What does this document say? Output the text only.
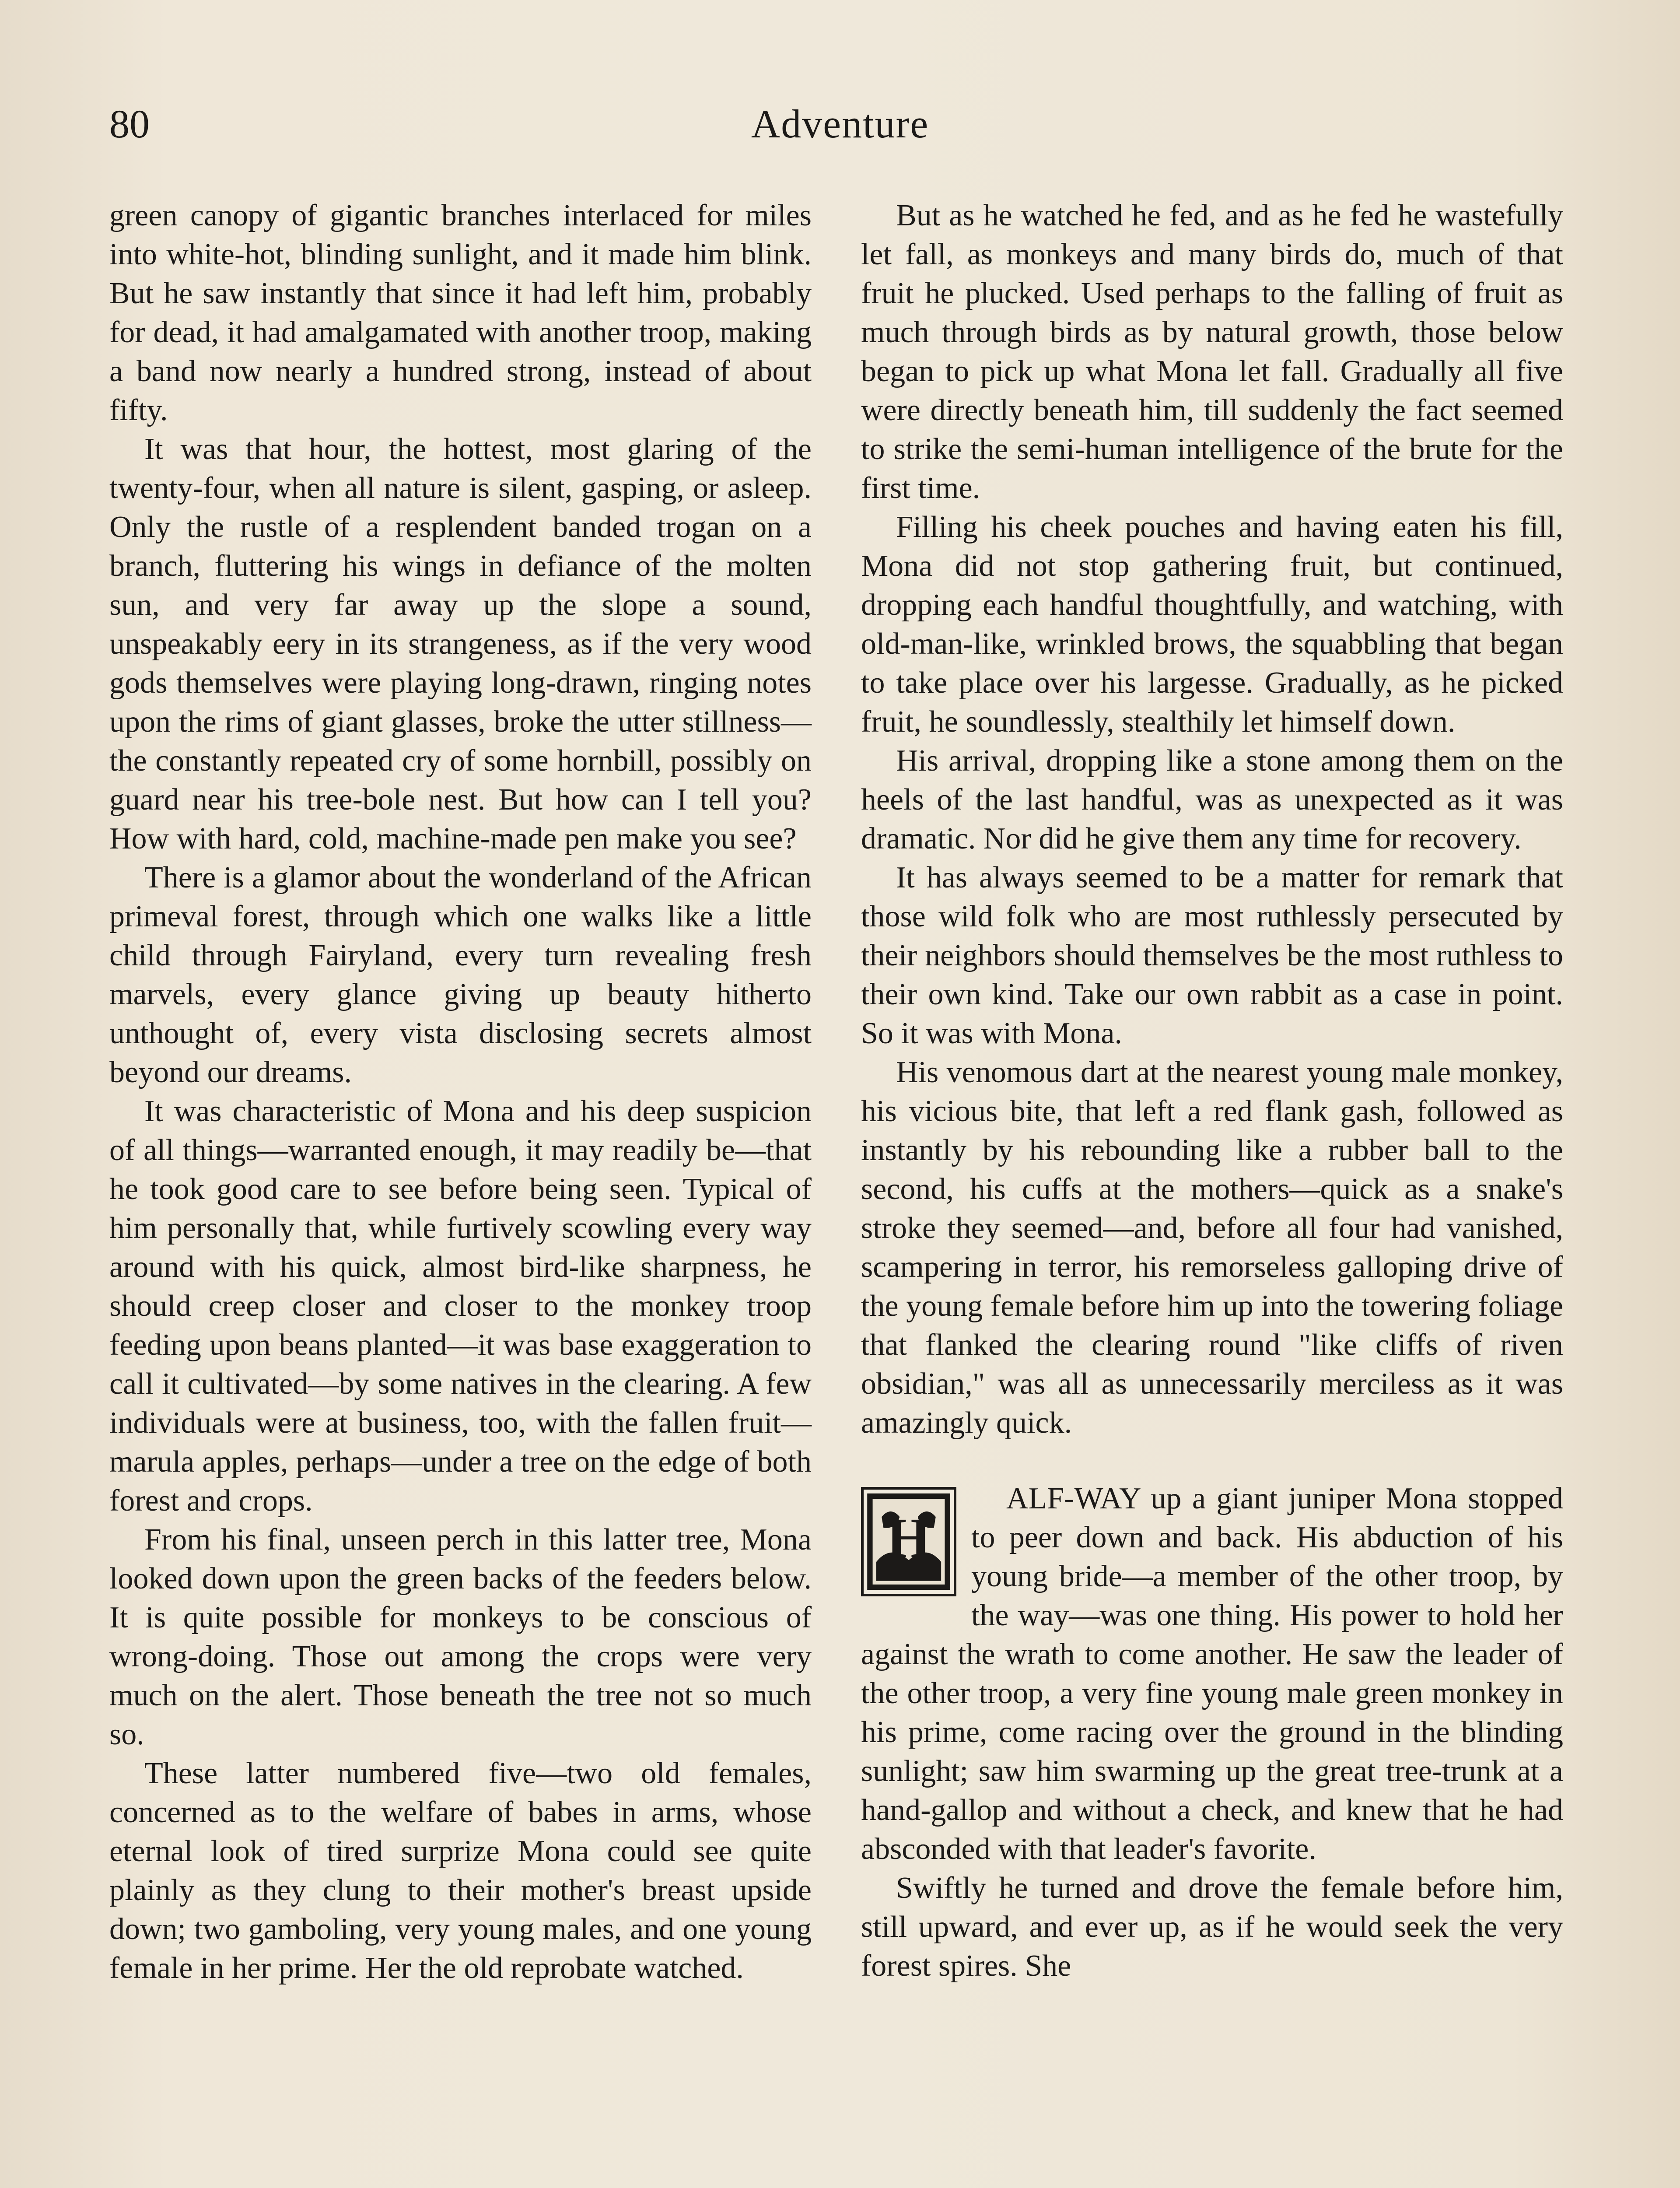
80	Adventure

green canopy of gigantic branches interlaced for miles into white-hot, blinding sunlight, and it made him blink. But he saw instantly that since it had left him, probably for dead, it had amalgamated with another troop, making a band now nearly a hundred strong, instead of about fifty.

It was that hour, the hottest, most glaring of the twenty-four, when all nature is silent, gasping, or asleep. Only the rustle of a resplendent banded trogan on a branch, fluttering his wings in defiance of the molten sun, and very far away up the slope a sound, unspeakably eery in its strangeness, as if the very wood gods themselves were playing long-drawn, ringing notes upon the rims of giant glasses, broke the utter stillness—the constantly repeated cry of some hornbill, possibly on guard near his tree-bole nest. But how can I tell you? How with hard, cold, machine-made pen make you see?

There is a glamor about the wonderland of the African primeval forest, through which one walks like a little child through Fairyland, every turn revealing fresh marvels, every glance giving up beauty hitherto unthought of, every vista disclosing secrets almost beyond our dreams.

It was characteristic of Mona and his deep suspicion of all things—warranted enough, it may readily be—that he took good care to see before being seen. Typical of him personally that, while furtively scowling every way around with his quick, almost bird-like sharpness, he should creep closer and closer to the monkey troop feeding upon beans planted—it was base exaggeration to call it cultivated—by some natives in the clearing. A few individuals were at business, too, with the fallen fruit—marula apples, perhaps—under a tree on the edge of both forest and crops.

From his final, unseen perch in this latter tree, Mona looked down upon the green backs of the feeders below. It is quite possible for monkeys to be conscious of wrong-doing. Those out among the crops were very much on the alert. Those beneath the tree not so much so.

These latter numbered five—two old females, concerned as to the welfare of babes in arms, whose eternal look of tired surprize Mona could see quite plainly as they clung to their mother's breast upside down; two gamboling, very young males, and one young female in her prime. Her the old reprobate watched.

But as he watched he fed, and as he fed he wastefully let fall, as monkeys and many birds do, much of that fruit he plucked. Used perhaps to the falling of fruit as much through birds as by natural growth, those below began to pick up what Mona let fall. Gradually all five were directly beneath him, till suddenly the fact seemed to strike the semi-human intelligence of the brute for the first time.

Filling his cheek pouches and having eaten his fill, Mona did not stop gathering fruit, but continued, dropping each handful thoughtfully, and watching, with old-man-like, wrinkled brows, the squabbling that began to take place over his largesse. Gradually, as he picked fruit, he soundlessly, stealthily let himself down.

His arrival, dropping like a stone among them on the heels of the last handful, was as unexpected as it was dramatic. Nor did he give them any time for recovery.

It has always seemed to be a matter for remark that those wild folk who are most ruthlessly persecuted by their neighbors should themselves be the most ruthless to their own kind. Take our own rabbit as a case in point. So it was with Mona.

His venomous dart at the nearest young male monkey, his vicious bite, that left a red flank gash, followed as instantly by his rebounding like a rubber ball to the second, his cuffs at the mothers—quick as a snake's stroke they seemed—and, before all four had vanished, scampering in terror, his remorseless galloping drive of the young female before him up into the towering foliage that flanked the clearing round "like cliffs of riven obsidian," was all as unnecessarily merciless as it was amazingly quick.

H

ALF-WAY up a giant juniper Mona stopped to peer down and back. His abduction of his young bride—a member of the other troop, by the way—was one thing. His power to hold her against the wrath to come another. He saw the leader of the other troop, a very fine young male green monkey in his prime, come racing over the ground in the blinding sunlight; saw him swarming up the great tree-trunk at a hand-gallop and without a check, and knew that he had absconded with that leader's favorite.

Swiftly he turned and drove the female before him, still upward, and ever up, as if he would seek the very forest spires. She
